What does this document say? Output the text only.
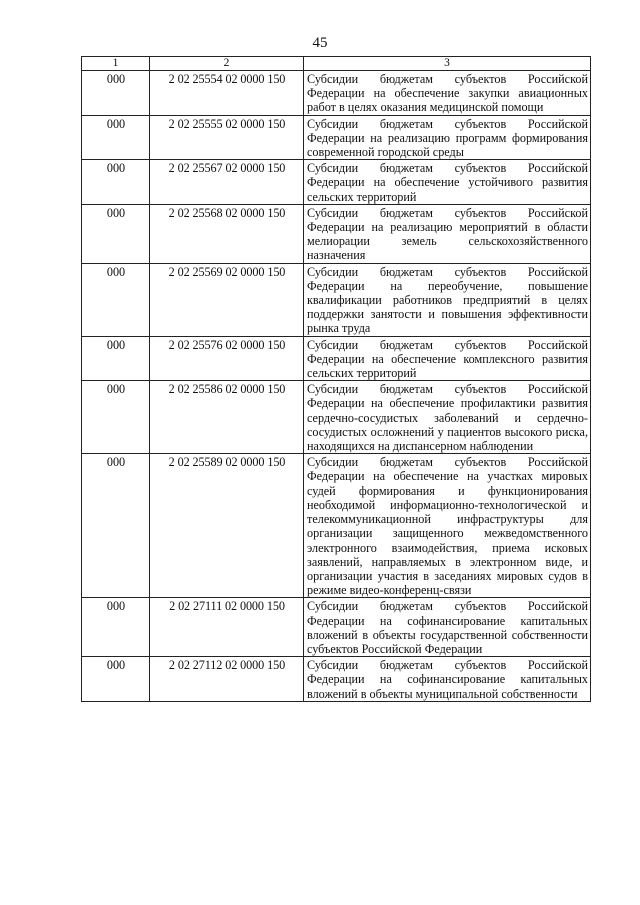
45
1	2	3
000	2 02 25554 02 0000 150	Субсидии бюджетам субъектов Российской Федерации на обеспечение закупки авиационных работ в целях оказания медицинской помощи
000	2 02 25555 02 0000 150	Субсидии бюджетам субъектов Российской Федерации на реализацию программ формирования современной городской среды
000	2 02 25567 02 0000 150	Субсидии бюджетам субъектов Российской Федерации на обеспечение устойчивого развития сельских территорий
000	2 02 25568 02 0000 150	Субсидии бюджетам субъектов Российской Федерации на реализацию мероприятий в области мелиорации земель сельскохозяйственного назначения
000	2 02 25569 02 0000 150	Субсидии бюджетам субъектов Российской Федерации на переобучение, повышение квалификации работников предприятий в целях поддержки занятости и повышения эффективности рынка труда
000	2 02 25576 02 0000 150	Субсидии бюджетам субъектов Российской Федерации на обеспечение комплексного развития сельских территорий
000	2 02 25586 02 0000 150	Субсидии бюджетам субъектов Российской Федерации на обеспечение профилактики развития сердечно-сосудистых заболеваний и сердечно-сосудистых осложнений у пациентов высокого риска, находящихся на диспансерном наблюдении
000	2 02 25589 02 0000 150	Субсидии бюджетам субъектов Российской Федерации на обеспечение на участках мировых судей формирования и функционирования необходимой информационно-технологической и телекоммуникационной инфраструктуры для организации защищенного межведомственного электронного взаимодействия, приема исковых заявлений, направляемых в электронном виде, и организации участия в заседаниях мировых судов в режиме видео-конференц-связи
000	2 02 27111 02 0000 150	Субсидии бюджетам субъектов Российской Федерации на софинансирование капитальных вложений в объекты государственной собственности субъектов Российской Федерации
000	2 02 27112 02 0000 150	Субсидии бюджетам субъектов Российской Федерации на софинансирование капитальных вложений в объекты муниципальной собственности
